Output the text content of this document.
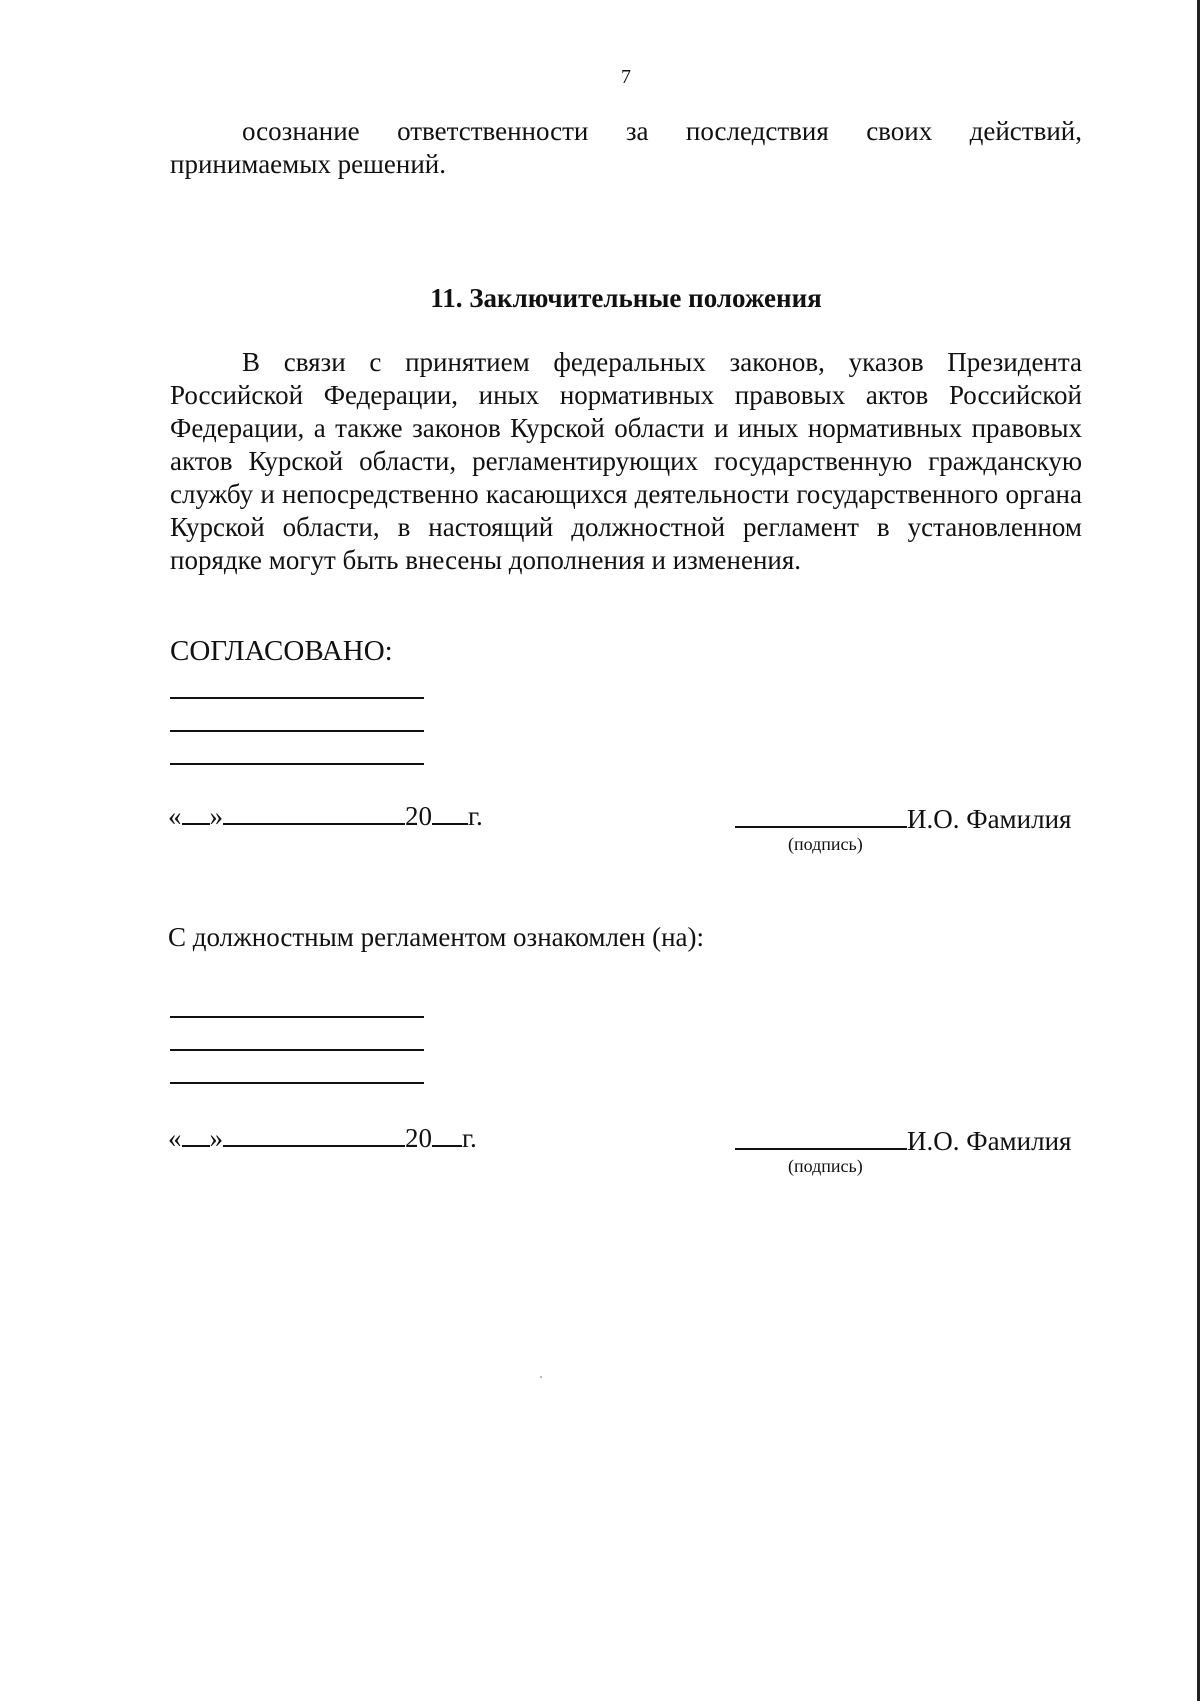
7
осознание ответственности за последствия своих действий, принимаемых решений.
11. Заключительные положения
В связи с принятием федеральных законов, указов Президента Российской Федерации, иных нормативных правовых актов Российской Федерации, а также законов Курской области и иных нормативных правовых актов Курской области, регламентирующих государственную гражданскую службу и непосредственно касающихся деятельности государственного органа Курской области, в настоящий должностной регламент в установленном порядке могут быть внесены дополнения и изменения.
СОГЛАСОВАНО:
« »	20 г.	И.О. Фамилия
(подпись)
С должностным регламентом ознакомлен (на):
« »	20 г.	И.О. Фамилия
(подпись)
